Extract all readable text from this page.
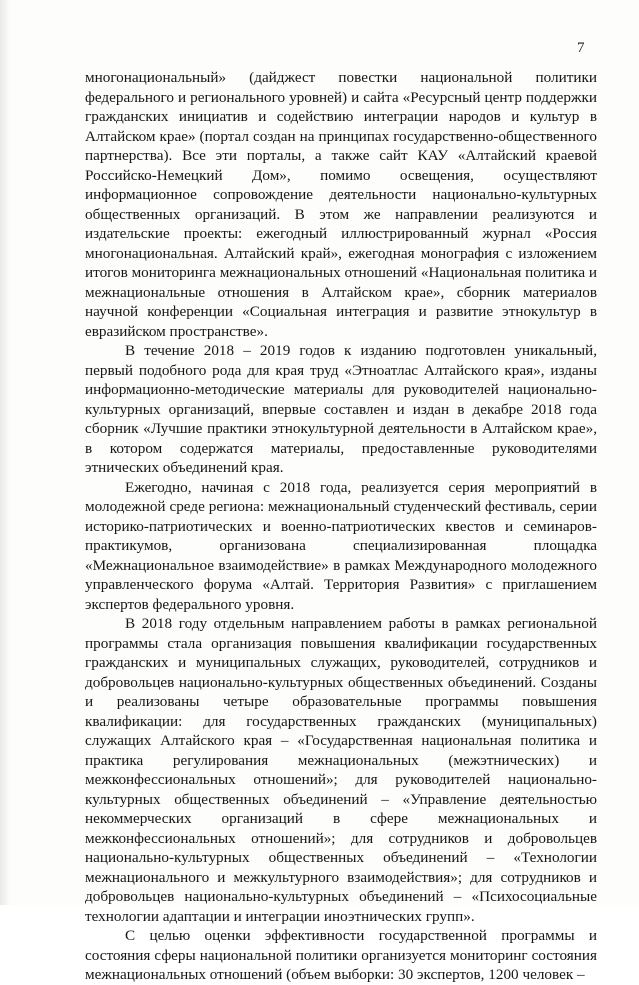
7

многонациональный» (дайджест повестки национальной политики федерального и регионального уровней) и сайта «Ресурсный центр поддержки гражданских инициатив и содействию интеграции народов и культур в Алтайском крае» (портал создан на принципах государственно-общественного партнерства). Все эти порталы, а также сайт КАУ «Алтайский краевой Российско-Немецкий Дом», помимо освещения, осуществляют информационное сопровождение деятельности национально-культурных общественных организаций. В этом же направлении реализуются и издательские проекты: ежегодный иллюстрированный журнал «Россия многонациональная. Алтайский край», ежегодная монография с изложением итогов мониторинга межнациональных отношений «Национальная политика и межнациональные отношения в Алтайском крае», сборник материалов научной конференции «Социальная интеграция и развитие этнокультур в евразийском пространстве».

В течение 2018 – 2019 годов к изданию подготовлен уникальный, первый подобного рода для края труд «Этноатлас Алтайского края», изданы информационно-методические материалы для руководителей национально-культурных организаций, впервые составлен и издан в декабре 2018 года сборник «Лучшие практики этнокультурной деятельности в Алтайском крае», в котором содержатся материалы, предоставленные руководителями этнических объединений края.

Ежегодно, начиная с 2018 года, реализуется серия мероприятий в молодежной среде региона: межнациональный студенческий фестиваль, серии историко-патриотических и военно-патриотических квестов и семинаров-практикумов, организована специализированная площадка «Межнациональное взаимодействие» в рамках Международного молодежного управленческого форума «Алтай. Территория Развития» с приглашением экспертов федерального уровня.

В 2018 году отдельным направлением работы в рамках региональной программы стала организация повышения квалификации государственных гражданских и муниципальных служащих, руководителей, сотрудников и добровольцев национально-культурных общественных объединений. Созданы и реализованы четыре образовательные программы повышения квалификации: для государственных гражданских (муниципальных) служащих Алтайского края – «Государственная национальная политика и практика регулирования межнациональных (межэтнических) и межконфессиональных отношений»; для руководителей национально-культурных общественных объединений – «Управление деятельностью некоммерческих организаций в сфере межнациональных и межконфессиональных отношений»; для сотрудников и добровольцев национально-культурных общественных объединений – «Технологии межнационального и межкультурного взаимодействия»; для сотрудников и добровольцев национально-культурных объединений – «Психосоциальные технологии адаптации и интеграции иноэтнических групп».

С целью оценки эффективности государственной программы и состояния сферы национальной политики организуется мониторинг состояния межнациональных отношений (объем выборки: 30 экспертов, 1200 человек –
